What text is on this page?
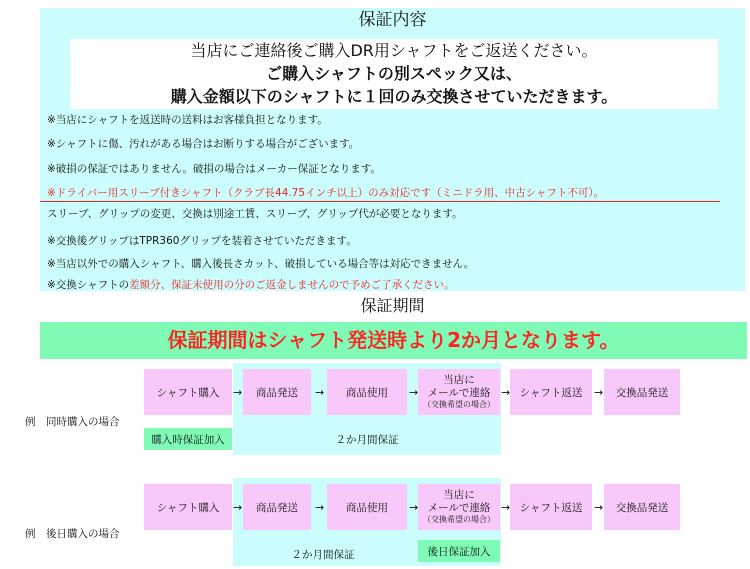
保証内容
当店にご連絡後ご購入DR用シャフトをご返送ください。
ご購入シャフトの別スペック又は、
購入金額以下のシャフトに１回のみ交換させていただきます。
※当店にシャフトを返送時の送料はお客様負担となります。
※シャフトに傷、汚れがある場合はお断りする場合がございます。
※破損の保証ではありません。破損の場合はメーカー保証となります。
※ドライバー用スリーブ付きシャフト（クラブ長44.75インチ以上）のみ対応です（ミニドラ用、中古シャフト不可）。
スリーブ、グリップの変更、交換は別途工賃、スリーブ、グリップ代が必要となります。
※交換後グリップはTPR360グリップを装着させていただきます。
※当店以外での購入シャフト、購入後長さカット、破損している場合等は対応できません。
※交換シャフトの差額分、保証未使用の分のご返金しませんので予めご了承ください。
保証期間
保証期間はシャフト発送時より2か月となります。
シャフト購入	→	商品発送	→	商品使用	→
当店に
メールで連絡
（交換希望の場合）
→ シャフト返送	→	交換品発送
例　同時購入の場合
購入時保証加入	２か月間保証
シャフト購入	→	商品発送	→	商品使用	→
当店に
メールで連絡
（交換希望の場合）
→ シャフト返送	→	交換品発送
例　後日購入の場合
２か月間保証	後日保証加入
